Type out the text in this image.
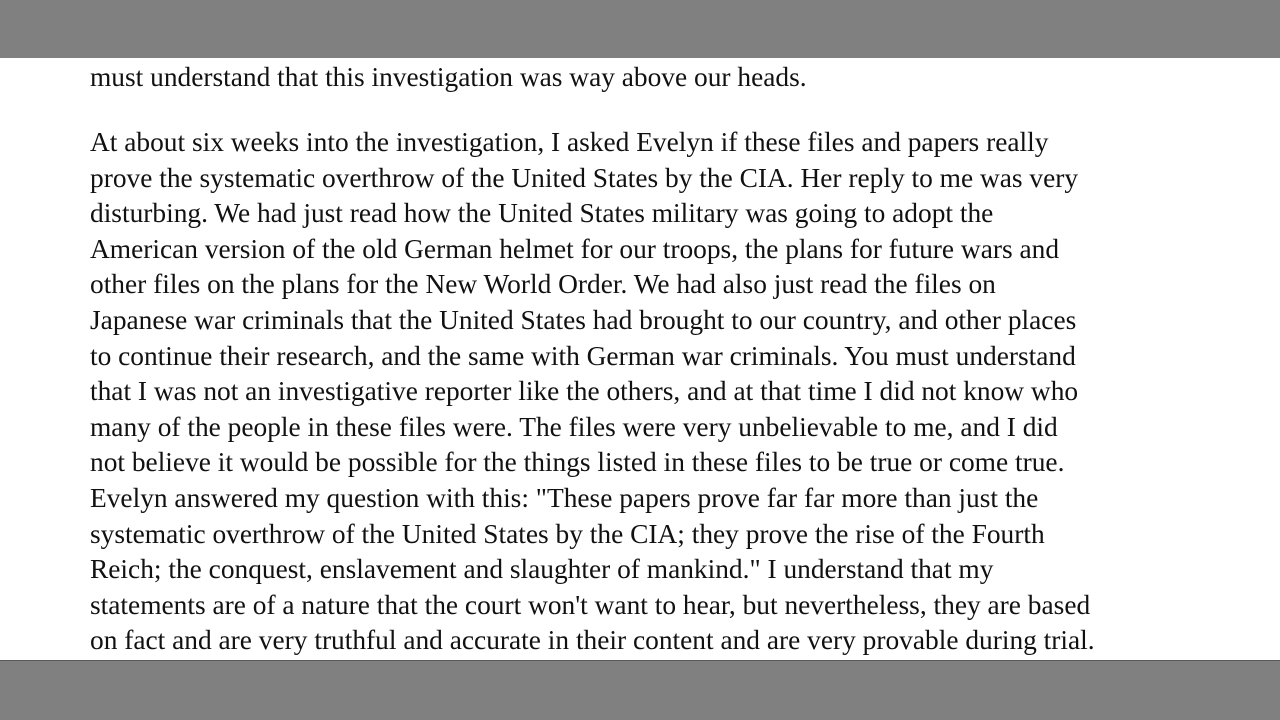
must understand that this investigation was way above our heads.
At about six weeks into the investigation, I asked Evelyn if these files and papers really
prove the systematic overthrow of the United States by the CIA. Her reply to me was very
disturbing. We had just read how the United States military was going to adopt the
American version of the old German helmet for our troops, the plans for future wars and
other files on the plans for the New World Order. We had also just read the files on
Japanese war criminals that the United States had brought to our country, and other places
to continue their research, and the same with German war criminals. You must understand
that I was not an investigative reporter like the others, and at that time I did not know who
many of the people in these files were. The files were very unbelievable to me, and I did
not believe it would be possible for the things listed in these files to be true or come true.
Evelyn answered my question with this: "These papers prove far far more than just the
systematic overthrow of the United States by the CIA; they prove the rise of the Fourth
Reich; the conquest, enslavement and slaughter of mankind." I understand that my
statements are of a nature that the court won't want to hear, but nevertheless, they are based
on fact and are very truthful and accurate in their content and are very provable during trial.
